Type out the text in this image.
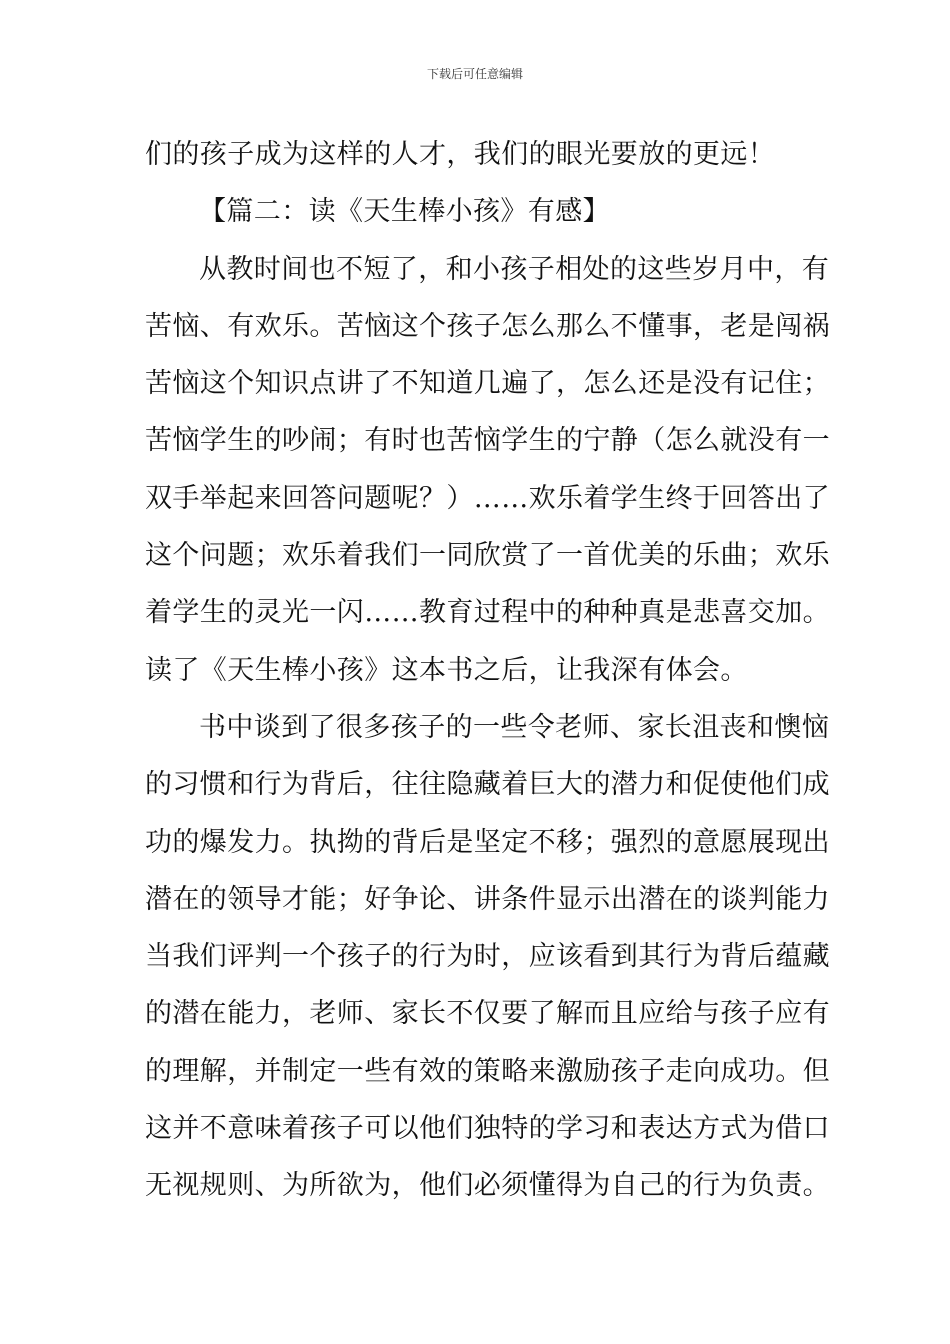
下载后可任意编辑
们的孩子成为这样的人才，我们的眼光要放的更远！
【篇二：读《天生棒小孩》有感】
从教时间也不短了，和小孩子相处的这些岁月中，有
苦恼、有欢乐。苦恼这个孩子怎么那么不懂事，老是闯祸
苦恼这个知识点讲了不知道几遍了，怎么还是没有记住；
苦恼学生的吵闹；有时也苦恼学生的宁静（怎么就没有一
双手举起来回答问题呢？）……欢乐着学生终于回答出了
这个问题；欢乐着我们一同欣赏了一首优美的乐曲；欢乐
着学生的灵光一闪……教育过程中的种种真是悲喜交加。
读了《天生棒小孩》这本书之后，让我深有体会。
书中谈到了很多孩子的一些令老师、家长沮丧和懊恼
的习惯和行为背后，往往隐藏着巨大的潜力和促使他们成
功的爆发力。执拗的背后是坚定不移；强烈的意愿展现出
潜在的领导才能；好争论、讲条件显示出潜在的谈判能力
当我们评判一个孩子的行为时，应该看到其行为背后蕴藏
的潜在能力，老师、家长不仅要了解而且应给与孩子应有
的理解，并制定一些有效的策略来激励孩子走向成功。但
这并不意味着孩子可以他们独特的学习和表达方式为借口
无视规则、为所欲为，他们必须懂得为自己的行为负责。
